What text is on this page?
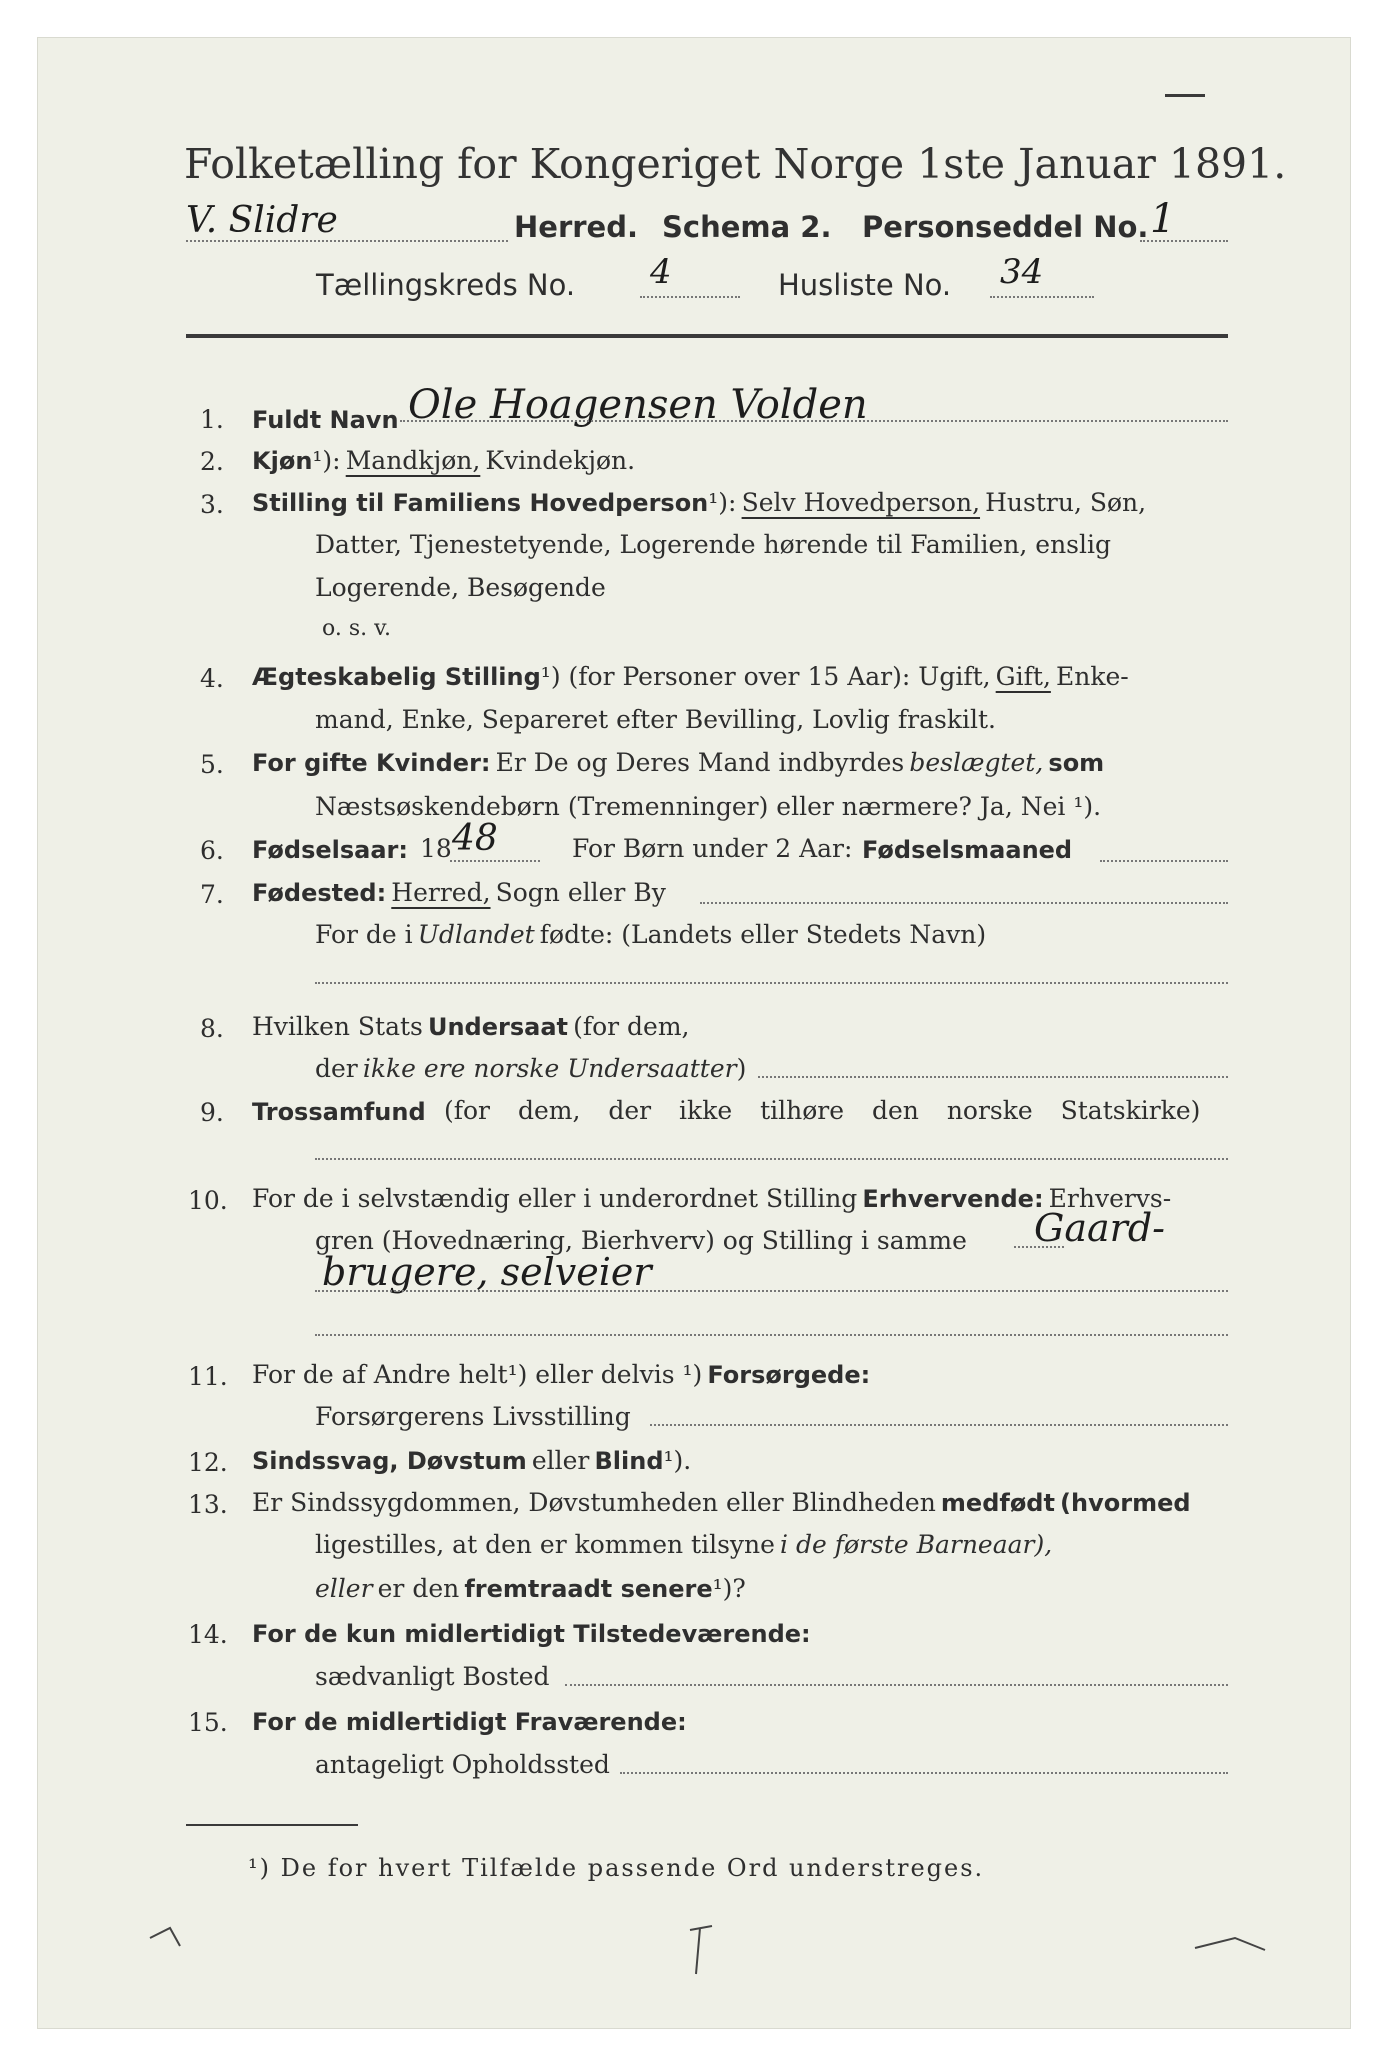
Folketælling for Kongeriget Norge 1ste Januar 1891.
V. Slidre	Herred. Schema 2. Personseddel No. 1
Tællingskreds No. 4	Husliste No. 34
1. Fuldt Navn Ole Hoagensen Volden
2. Kjøn¹): Mandkjøn, Kvindekjøn.
3. Stilling til Familiens Hovedperson¹): Selv Hovedperson, Hustru, Søn,
Datter, Tjenestetyende, Logerende hørende til Familien, enslig
Logerende, Besøgende
o. s. v.
4. Ægteskabelig Stilling¹) (for Personer over 15 Aar): Ugift, Gift, Enke-
mand, Enke, Separeret efter Bevilling, Lovlig fraskilt.
5. For gifte Kvinder: Er De og Deres Mand indbyrdes beslægtet, som
Næstsøskendebørn (Tremenninger) eller nærmere? Ja, Nei ¹).
6. Fødselsaar: 18 48	For Børn under 2 Aar: Fødselsmaaned
7. Fødested: Herred, Sogn eller By
For de i Udlandet fødte: (Landets eller Stedets Navn)
8. Hvilken Stats Undersaat (for dem,
der ikke ere norske Undersaatter)
9. Trossamfund (for dem, der ikke tilhøre den norske Statskirke)
10. For de i selvstændig eller i underordnet Stilling Erhvervende: Erhvervs-
gren (Hovednæring, Bierhverv) og Stilling i samme Gaard-
brugere, selveier
11. For de af Andre helt¹) eller delvis ¹) Forsørgede:
Forsørgerens Livsstilling
12. Sindssvag, Døvstum eller Blind¹).
13. Er Sindssygdommen, Døvstumheden eller Blindheden medfødt (hvormed
ligestilles, at den er kommen tilsyne i de første Barneaar),
eller er den fremtraadt senere¹)?
14. For de kun midlertidigt Tilstedeværende:
sædvanligt Bosted
15. For de midlertidigt Fraværende:
antageligt Opholdssted
¹) De for hvert Tilfælde passende Ord understreges.
